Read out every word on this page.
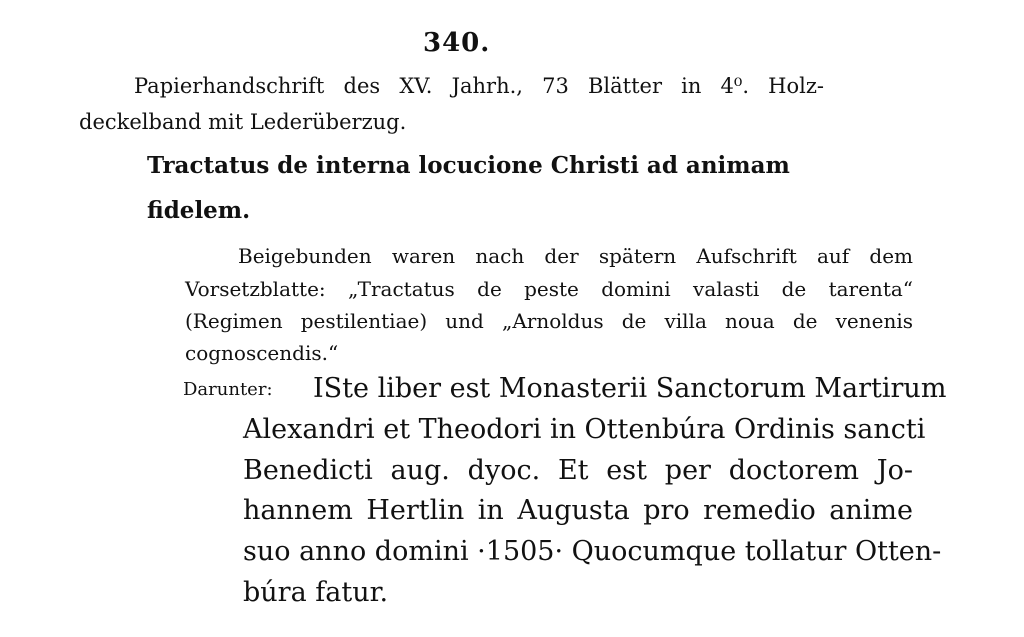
340.
Papierhandschrift des XV. Jahrh., 73 Blätter in 4⁰. Holz-
deckelband mit Lederüberzug.
Tractatus de interna locucione Christi ad animam
fidelem.
Beigebunden waren nach der spätern Aufschrift auf dem
Vorsetzblatte: „Tractatus de peste domini valasti de tarenta“
(Regimen pestilentiae) und „Arnoldus de villa noua de venenis
cognoscendis.“
Darunter: ISte liber est Monasterii Sanctorum Martirum
Alexandri et Theodori in Ottenbúra Ordinis sancti
Benedicti aug. dyoc. Et est per doctorem Jo-
hannem Hertlin in Augusta pro remedio anime
suo anno domini ·1505· Quocumque tollatur Otten-
búra fatur.
